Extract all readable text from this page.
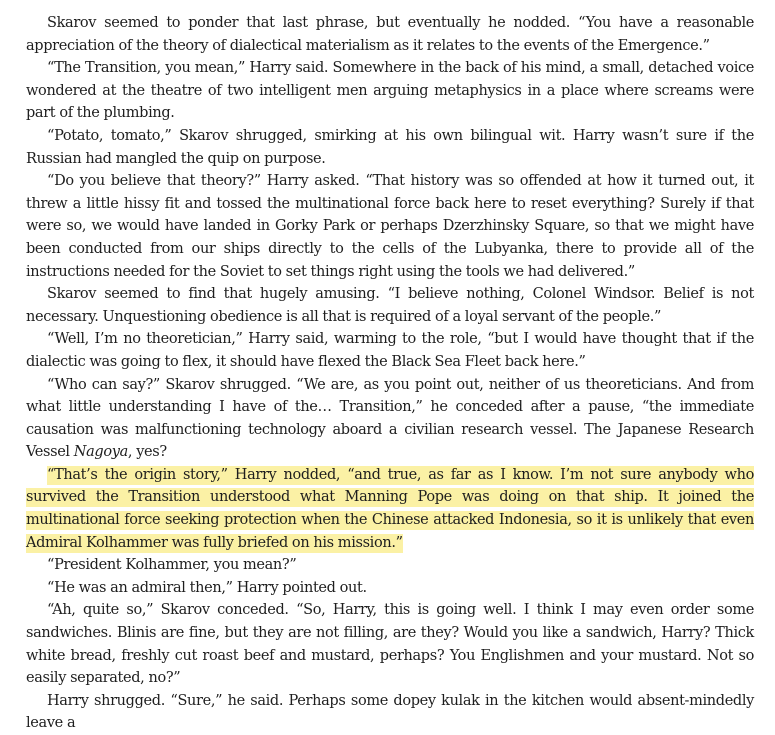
Skarov seemed to ponder that last phrase, but eventually he nodded. “You have a reasonable appreciation of the theory of dialectical materialism as it relates to the events of the Emergence.”

“The Transition, you mean,” Harry said. Somewhere in the back of his mind, a small, detached voice wondered at the theatre of two intelligent men arguing metaphysics in a place where screams were part of the plumbing.

“Potato, tomato,” Skarov shrugged, smirking at his own bilingual wit. Harry wasn’t sure if the Russian had mangled the quip on purpose.

“Do you believe that theory?” Harry asked. “That history was so offended at how it turned out, it threw a little hissy fit and tossed the multinational force back here to reset everything? Surely if that were so, we would have landed in Gorky Park or perhaps Dzerzhinsky Square, so that we might have been conducted from our ships directly to the cells of the Lubyanka, there to provide all of the instructions needed for the Soviet to set things right using the tools we had delivered.”

Skarov seemed to find that hugely amusing. “I believe nothing, Colonel Windsor. Belief is not necessary. Unquestioning obedience is all that is required of a loyal servant of the people.”

“Well, I’m no theoretician,” Harry said, warming to the role, “but I would have thought that if the dialectic was going to flex, it should have flexed the Black Sea Fleet back here.”

“Who can say?” Skarov shrugged. “We are, as you point out, neither of us theoreticians. And from what little understanding I have of the… Transition,” he conceded after a pause, “the immediate causation was malfunctioning technology aboard a civilian research vessel. The Japanese Research Vessel Nagoya, yes?

“That’s the origin story,” Harry nodded, “and true, as far as I know. I’m not sure anybody who survived the Transition understood what Manning Pope was doing on that ship. It joined the multinational force seeking protection when the Chinese attacked Indonesia, so it is unlikely that even Admiral Kolhammer was fully briefed on his mission.”

“President Kolhammer, you mean?”

“He was an admiral then,” Harry pointed out.

“Ah, quite so,” Skarov conceded. “So, Harry, this is going well. I think I may even order some sandwiches. Blinis are fine, but they are not filling, are they? Would you like a sandwich, Harry? Thick white bread, freshly cut roast beef and mustard, perhaps? You Englishmen and your mustard. Not so easily separated, no?”

Harry shrugged. “Sure,” he said. Perhaps some dopey kulak in the kitchen would absent-mindedly leave a
